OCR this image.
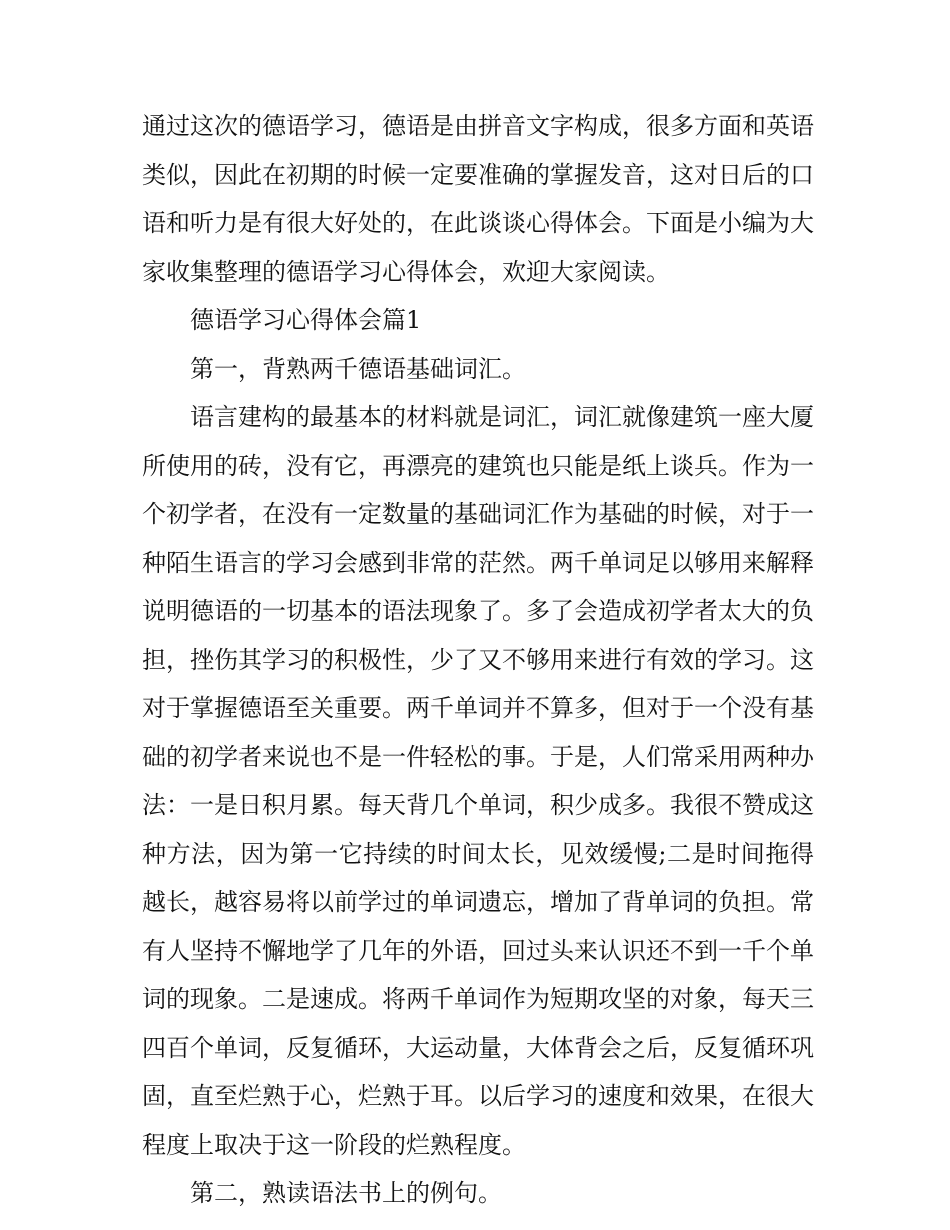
通过这次的德语学习，德语是由拼音文字构成，很多方面和英语类似，因此在初期的时候一定要准确的掌握发音，这对日后的口语和听力是有很大好处的，在此谈谈心得体会。下面是小编为大家收集整理的德语学习心得体会，欢迎大家阅读。

德语学习心得体会篇1

第一，背熟两千德语基础词汇。

语言建构的最基本的材料就是词汇，词汇就像建筑一座大厦所使用的砖，没有它，再漂亮的建筑也只能是纸上谈兵。作为一个初学者，在没有一定数量的基础词汇作为基础的时候，对于一种陌生语言的学习会感到非常的茫然。两千单词足以够用来解释说明德语的一切基本的语法现象了。多了会造成初学者太大的负担，挫伤其学习的积极性，少了又不够用来进行有效的学习。这对于掌握德语至关重要。两千单词并不算多，但对于一个没有基础的初学者来说也不是一件轻松的事。于是，人们常采用两种办法：一是日积月累。每天背几个单词，积少成多。我很不赞成这种方法，因为第一它持续的时间太长，见效缓慢;二是时间拖得越长，越容易将以前学过的单词遗忘，增加了背单词的负担。常有人坚持不懈地学了几年的外语，回过头来认识还不到一千个单词的现象。二是速成。将两千单词作为短期攻坚的对象，每天三四百个单词，反复循环，大运动量，大体背会之后，反复循环巩固，直至烂熟于心，烂熟于耳。以后学习的速度和效果，在很大程度上取决于这一阶段的烂熟程度。

第二，熟读语法书上的例句。
